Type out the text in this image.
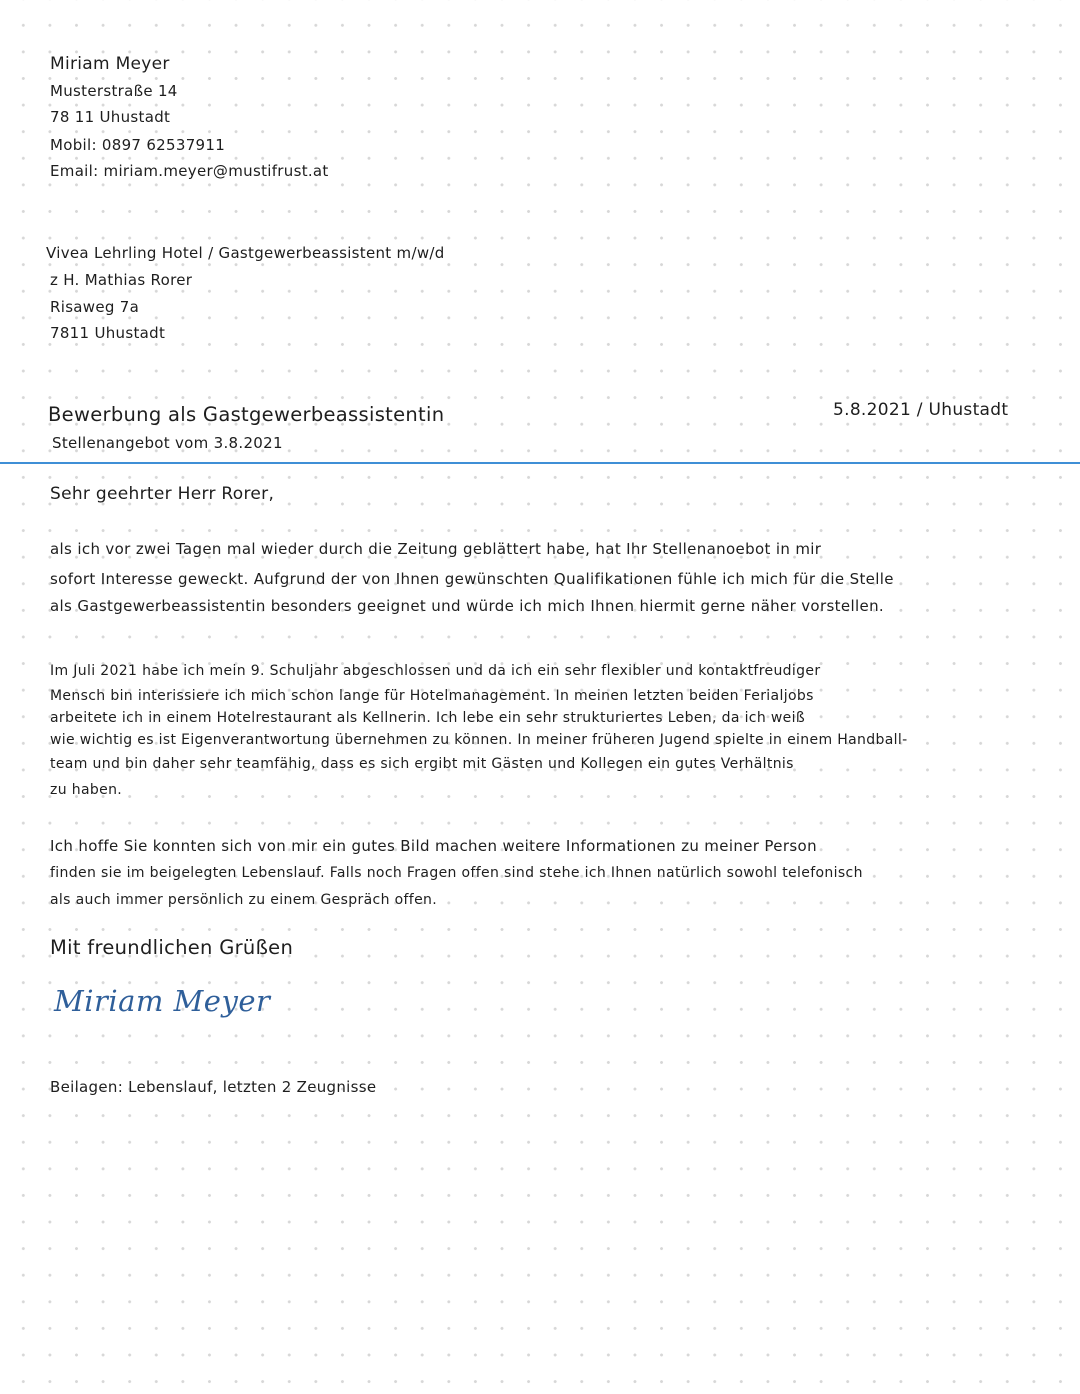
Miriam Meyer
Musterstraße 14
78 11 Uhustadt
Mobil: 0897 62537911
Email: miriam.meyer@mustifrust.at
Vivea Lehrling Hotel / Gastgewerbeassistent m/w/d
z H. Mathias Rorer
Risaweg 7a
7811 Uhustadt
Bewerbung als Gastgewerbeassistentin
Stellenangebot vom 3.8.2021
5.8.2021 / Uhustadt
Sehr geehrter Herr Rorer,
als ich vor zwei Tagen mal wieder durch die Zeitung geblättert habe, hat Ihr Stellenanoebot in mir
sofort Interesse geweckt. Aufgrund der von Ihnen gewünschten Qualifikationen fühle ich mich für die Stelle
als Gastgewerbeassistentin besonders geeignet und würde ich mich Ihnen hiermit gerne näher vorstellen.
Im Juli 2021 habe ich mein 9. Schuljahr abgeschlossen und da ich ein sehr flexibler und kontaktfreudiger
Mensch bin interissiere ich mich schon lange für Hotelmanagement. In meinen letzten beiden Ferialjobs
arbeitete ich in einem Hotelrestaurant als Kellnerin. Ich lebe ein sehr strukturiertes Leben, da ich weiß
wie wichtig es ist Eigenverantwortung übernehmen zu können. In meiner früheren Jugend spielte in einem Handball-
team und bin daher sehr teamfähig, dass es sich ergibt mit Gästen und Kollegen ein gutes Verhältnis
zu haben.
Ich hoffe Sie konnten sich von mir ein gutes Bild machen weitere Informationen zu meiner Person
finden sie im beigelegten Lebenslauf. Falls noch Fragen offen sind stehe ich Ihnen natürlich sowohl telefonisch
als auch immer persönlich zu einem Gespräch offen.
Mit freundlichen Grüßen
Miriam Meyer
Beilagen: Lebenslauf, letzten 2 Zeugnisse
